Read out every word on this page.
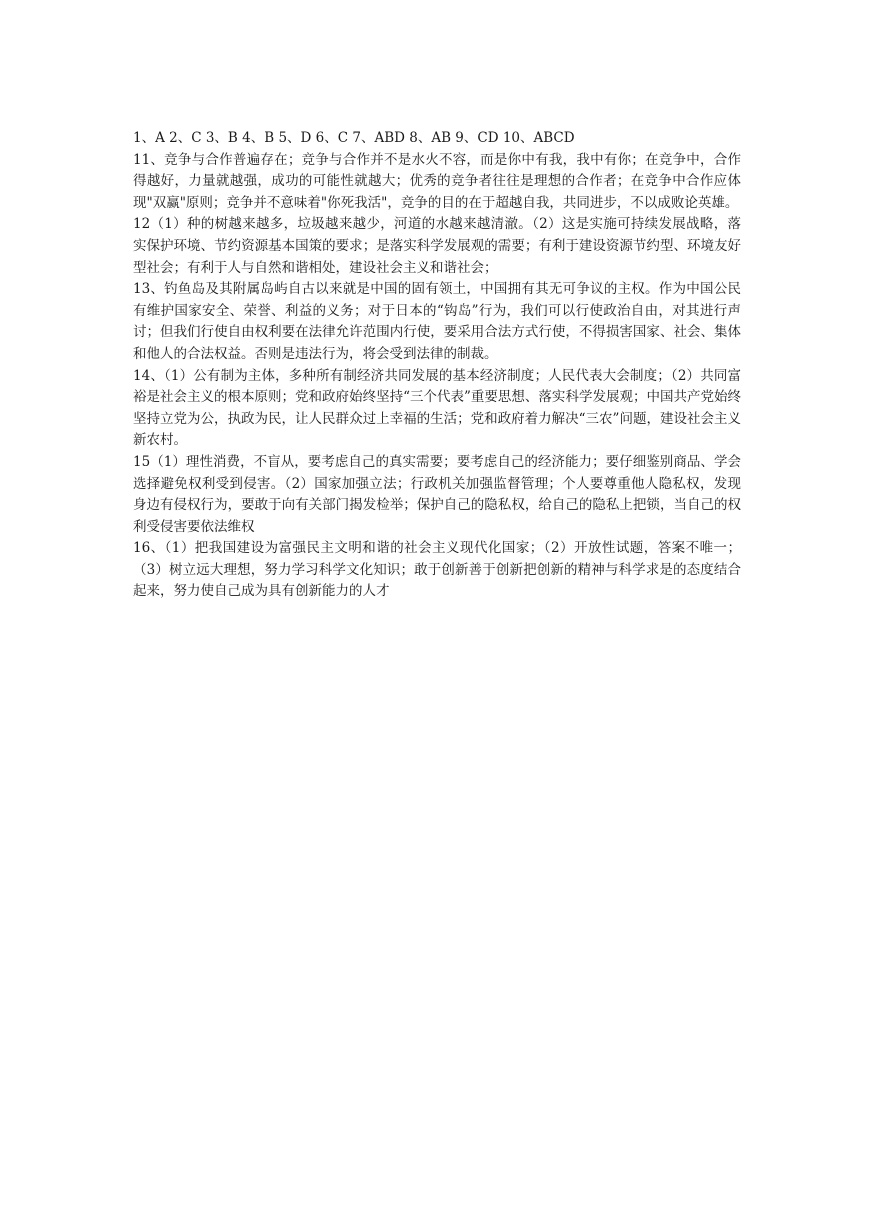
1、A 2、C 3、B 4、B 5、D 6、C 7、ABD 8、AB 9、CD 10、ABCD

11、竞争与合作普遍存在；竞争与合作并不是水火不容，而是你中有我，我中有你；在竞争中，合作得越好，力量就越强，成功的可能性就越大；优秀的竞争者往往是理想的合作者；在竞争中合作应体现"双赢"原则；竞争并不意味着"你死我活"，竞争的目的在于超越自我，共同进步，不以成败论英雄。

12（1）种的树越来越多，垃圾越来越少，河道的水越来越清澈。（2）这是实施可持续发展战略，落实保护环境、节约资源基本国策的要求；是落实科学发展观的需要；有利于建设资源节约型、环境友好型社会；有利于人与自然和谐相处，建设社会主义和谐社会；

13、钓鱼岛及其附属岛屿自古以来就是中国的固有领土，中国拥有其无可争议的主权。作为中国公民有维护国家安全、荣誉、利益的义务；对于日本的“钩岛”行为，我们可以行使政治自由，对其进行声讨；但我们行使自由权利要在法律允许范围内行使，要采用合法方式行使，不得损害国家、社会、集体和他人的合法权益。否则是违法行为，将会受到法律的制裁。

14、（1）公有制为主体，多种所有制经济共同发展的基本经济制度；人民代表大会制度；（2）共同富裕是社会主义的根本原则；党和政府始终坚持“三个代表”重要思想、落实科学发展观；中国共产党始终坚持立党为公，执政为民，让人民群众过上幸福的生活；党和政府着力解决“三农”问题，建设社会主义新农村。

15（1）理性消费，不盲从，要考虑自己的真实需要；要考虑自己的经济能力；要仔细鉴别商品、学会选择避免权利受到侵害。（2）国家加强立法；行政机关加强监督管理；个人要尊重他人隐私权，发现身边有侵权行为，要敢于向有关部门揭发检举；保护自己的隐私权，给自己的隐私上把锁，当自己的权利受侵害要依法维权

16、（1）把我国建设为富强民主文明和谐的社会主义现代化国家；（2）开放性试题，答案不唯一；（3）树立远大理想，努力学习科学文化知识；敢于创新善于创新把创新的精神与科学求是的态度结合起来，努力使自己成为具有创新能力的人才
